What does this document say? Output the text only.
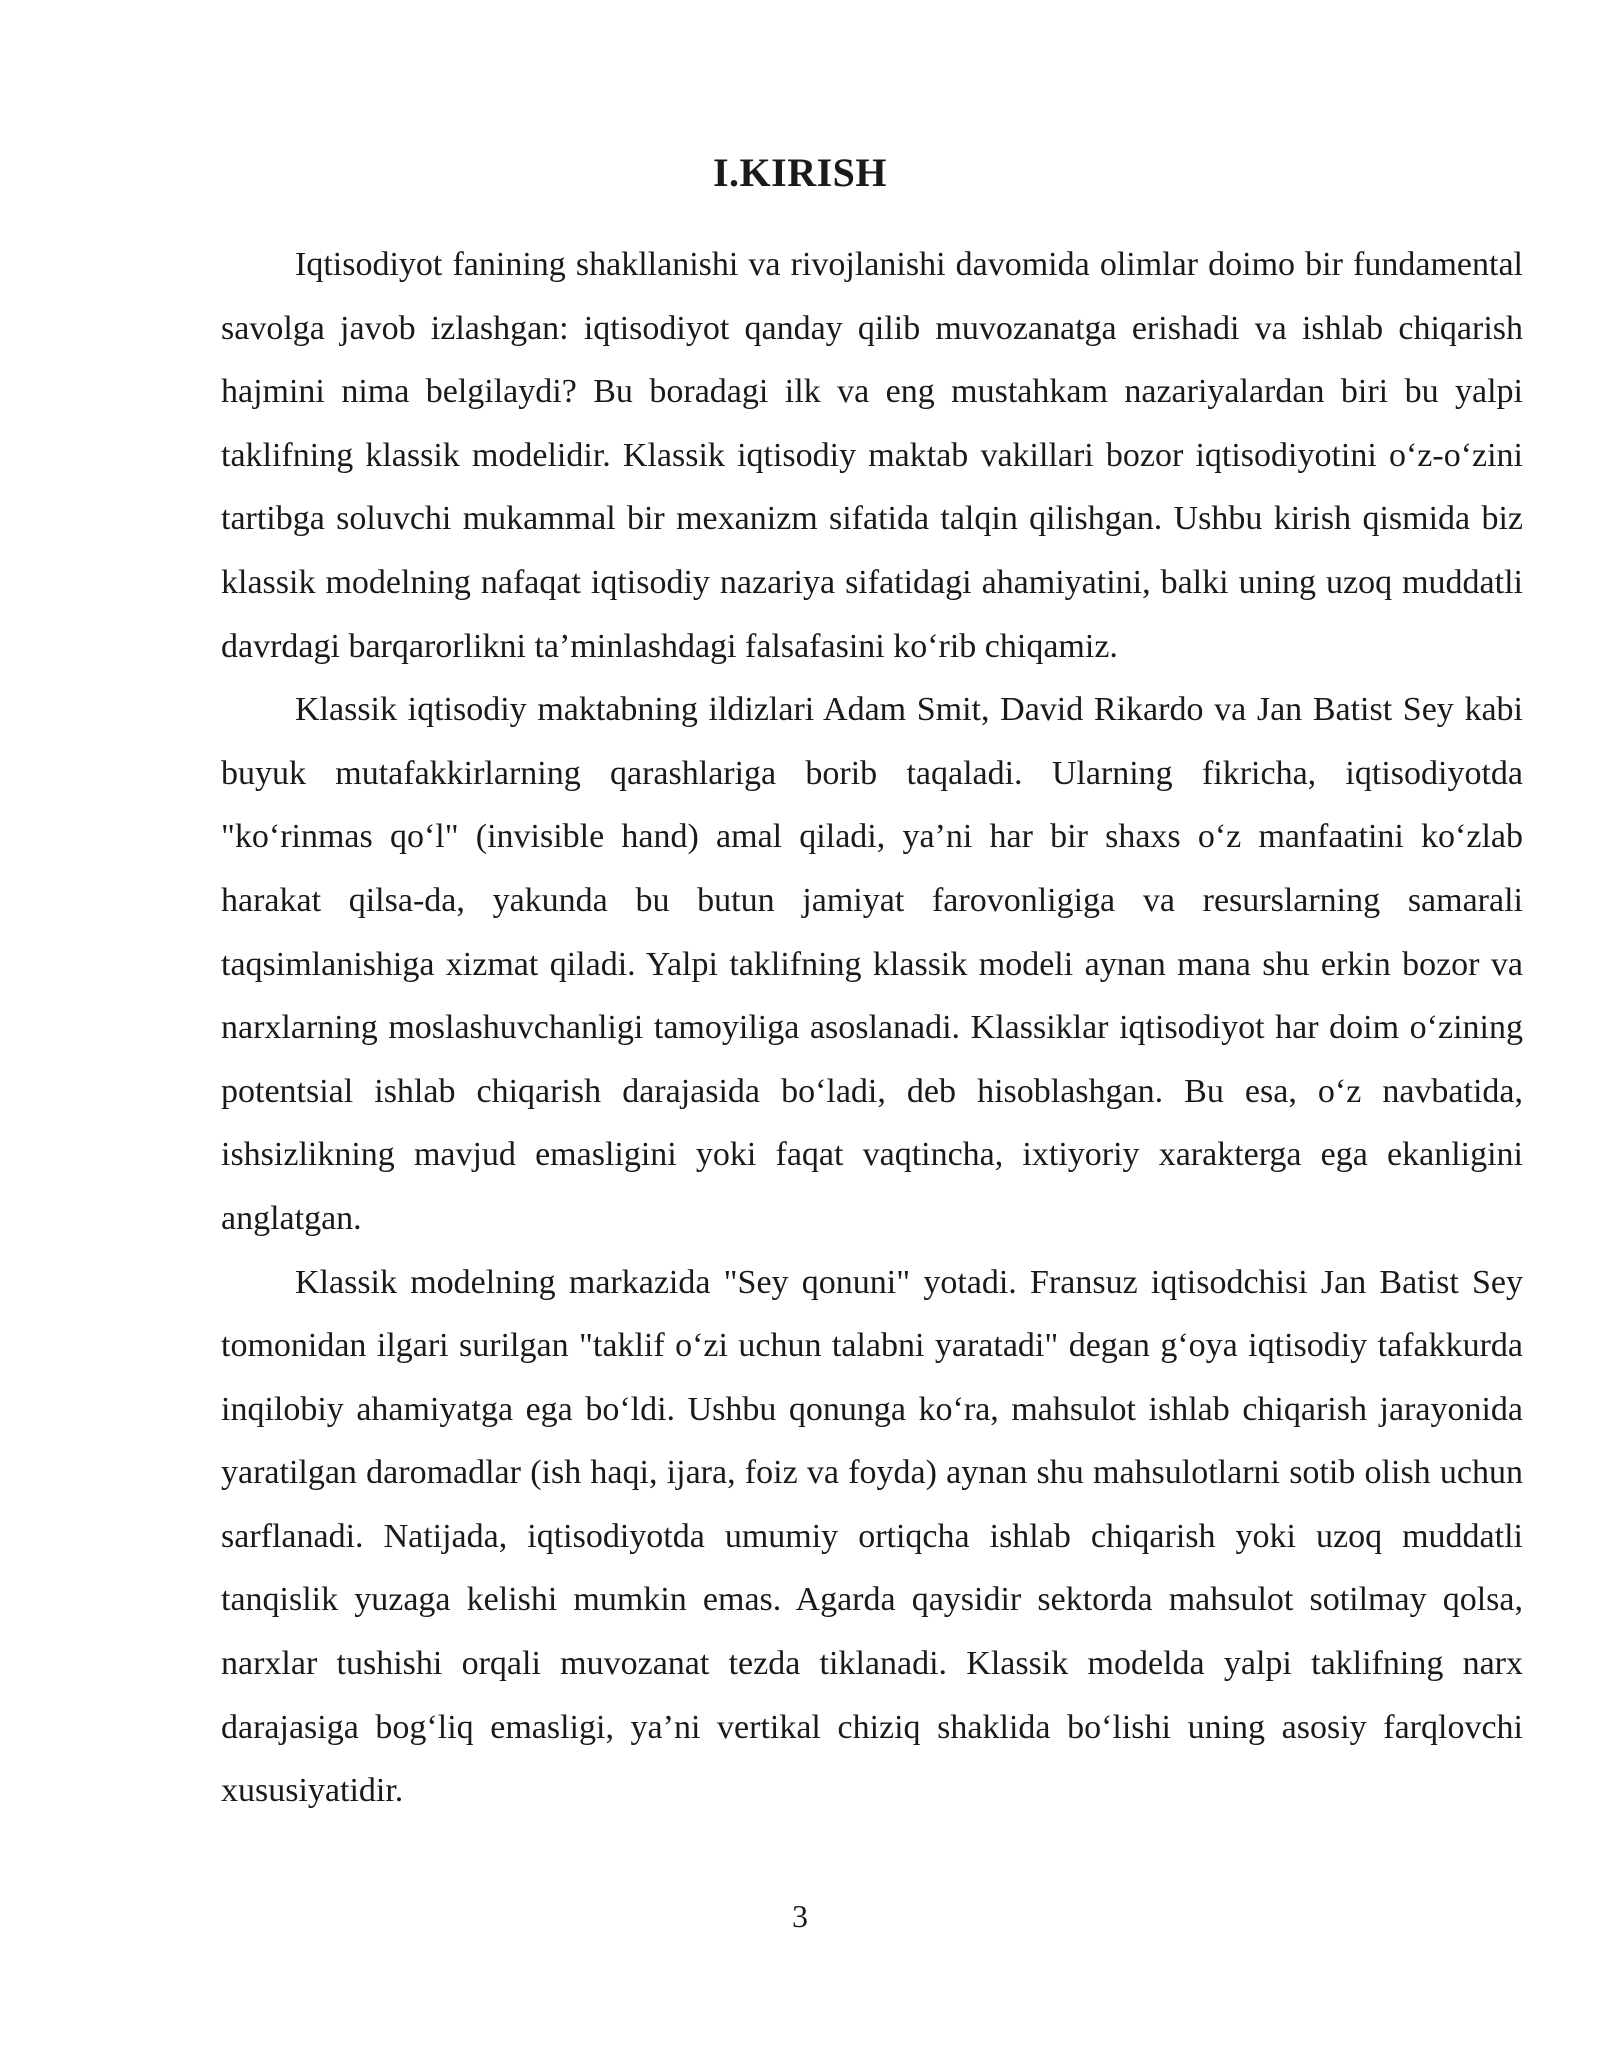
I.KIRISH

Iqtisodiyot fanining shakllanishi va rivojlanishi davomida olimlar doimo bir fundamental savolga javob izlashgan: iqtisodiyot qanday qilib muvozanatga erishadi va ishlab chiqarish hajmini nima belgilaydi? Bu boradagi ilk va eng mustahkam nazariyalardan biri bu yalpi taklifning klassik modelidir. Klassik iqtisodiy maktab vakillari bozor iqtisodiyotini o‘z-o‘zini tartibga soluvchi mukammal bir mexanizm sifatida talqin qilishgan. Ushbu kirish qismida biz klassik modelning nafaqat iqtisodiy nazariya sifatidagi ahamiyatini, balki uning uzoq muddatli davrdagi barqarorlikni ta’minlashdagi falsafasini ko‘rib chiqamiz.

Klassik iqtisodiy maktabning ildizlari Adam Smit, David Rikardo va Jan Batist Sey kabi buyuk mutafakkirlarning qarashlariga borib taqaladi. Ularning fikricha, iqtisodiyotda "ko‘rinmas qo‘l" (invisible hand) amal qiladi, ya’ni har bir shaxs o‘z manfaatini ko‘zlab harakat qilsa-da, yakunda bu butun jamiyat farovonligiga va resurslarning samarali taqsimlanishiga xizmat qiladi. Yalpi taklifning klassik modeli aynan mana shu erkin bozor va narxlarning moslashuvchanligi tamoyiliga asoslanadi. Klassiklar iqtisodiyot har doim o‘zining potentsial ishlab chiqarish darajasida bo‘ladi, deb hisoblashgan. Bu esa, o‘z navbatida, ishsizlikning mavjud emasligini yoki faqat vaqtincha, ixtiyoriy xarakterga ega ekanligini anglatgan.

Klassik modelning markazida "Sey qonuni" yotadi. Fransuz iqtisodchisi Jan Batist Sey tomonidan ilgari surilgan "taklif o‘zi uchun talabni yaratadi" degan g‘oya iqtisodiy tafakkurda inqilobiy ahamiyatga ega bo‘ldi. Ushbu qonunga ko‘ra, mahsulot ishlab chiqarish jarayonida yaratilgan daromadlar (ish haqi, ijara, foiz va foyda) aynan shu mahsulotlarni sotib olish uchun sarflanadi. Natijada, iqtisodiyotda umumiy ortiqcha ishlab chiqarish yoki uzoq muddatli tanqislik yuzaga kelishi mumkin emas. Agarda qaysidir sektorda mahsulot sotilmay qolsa, narxlar tushishi orqali muvozanat tezda tiklanadi. Klassik modelda yalpi taklifning narx darajasiga bog‘liq emasligi, ya’ni vertikal chiziq shaklida bo‘lishi uning asosiy farqlovchi xususiyatidir.

3
